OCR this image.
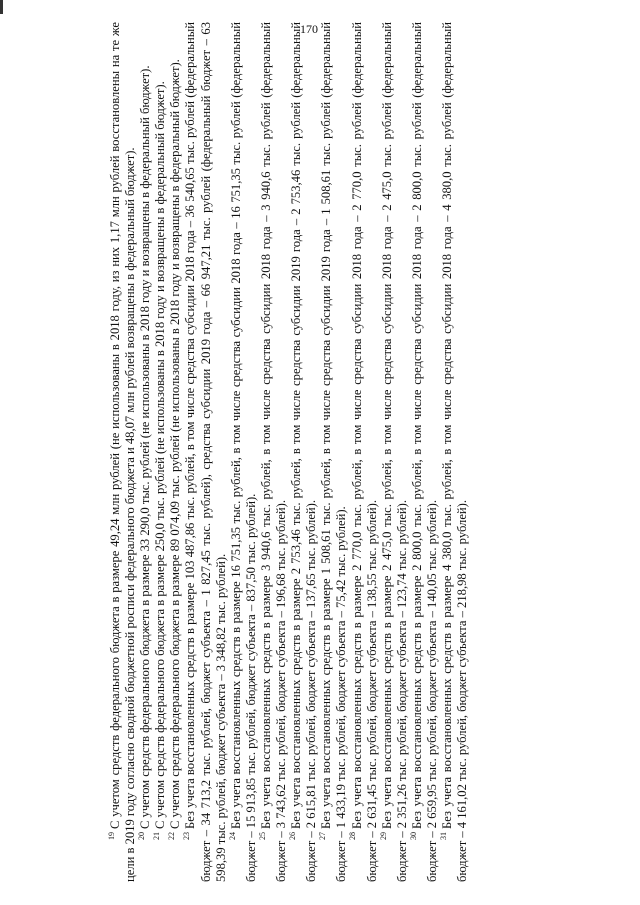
170

$^{19}$С учетом средств федерального бюджета в размере 49,24 млн рублей (не использованы в 2018 году, из них 1,17 млн рублей восстановлены на те же цели в 2019 году согласно сводной бюджетной росписи федерального бюджета и 48,07 млн рублей возвращены в федеральный бюджет). $^{20}$С учетом средств федерального бюджета в размере 33 290,0 тыс. рублей (не использованы в 2018 году и возвращены в федеральный бюджет).

$^{21}$С учетом средств федерального бюджета в размере 250,0 тыс. рублей (не использованы в 2018 году и возвращены в федеральный бюджет).

$^{22}$С учетом средств федерального бюджета в размере 89 074,09 тыс. рублей (не использованы в 2018 году и возвращены в федеральный бюджет).

$^{23}$Без учета восстановленных средств в размере 103 487,86 тыс. рублей, в том числе средства субсидии 2018 года – 36 540,65 тыс. рублей (федеральный бюджет – 34 713,2 тыс. рублей, бюджет субъекта – 1 827,45 тыс. рублей), средства субсидии 2019 года – 66 947,21 тыс. рублей (федеральный бюджет – 63 598,39 тыс. рублей, бюджет субъекта – 3 348,82 тыс. рублей). $^{24}$Без учета восстановленных средств в размере 16 751,35 тыс. рублей, в том числе средства субсидии 2018 года – 16 751,35 тыс. рублей (федеральный бюджет – 15 913,85 тыс. рублей, бюджет субъекта – 837,50 тыс. рублей). $^{25}$Без учета восстановленных средств в размере 3 940,6 тыс. рублей, в том числе средства субсидии 2018 года – 3 940,6 тыс. рублей (федеральный бюджет – 3 743,62 тыс. рублей, бюджет субъекта – 196,68 тыс. рублей). $^{26}$Без учета восстановленных средств в размере 2 753,46 тыс. рублей, в том числе средства субсидии 2019 года – 2 753,46 тыс. рублей (федеральный бюджет – 2 615,81 тыс. рублей, бюджет субъекта – 137,65 тыс. рублей). $^{27}$Без учета восстановленных средств в размере 1 508,61 тыс. рублей, в том числе средства субсидии 2019 года – 1 508,61 тыс. рублей (федеральный бюджет – 1 433,19 тыс. рублей, бюджет субъекта – 75,42 тыс. рублей). $^{28}$Без учета восстановленных средств в размере 2 770,0 тыс. рублей, в том числе средства субсидии 2018 года – 2 770,0 тыс. рублей (федеральный бюджет – 2 631,45 тыс. рублей, бюджет субъекта – 138,55 тыс. рублей). $^{29}$Без учета восстановленных средств в размере 2 475,0 тыс. рублей, в том числе средства субсидии 2018 года – 2 475,0 тыс. рублей (федеральный бюджет – 2 351,26 тыс. рублей, бюджет субъекта – 123,74 тыс. рублей). $^{30}$Без учета восстановленных средств в размере 2 800,0 тыс. рублей, в том числе средства субсидии 2018 года – 2 800,0 тыс. рублей (федеральный бюджет – 2 659,95 тыс. рублей, бюджет субъекта – 140,05 тыс. рублей). $^{31}$Без учета восстановленных средств в размере 4 380,0 тыс. рублей, в том числе средства субсидии 2018 года – 4 380,0 тыс. рублей (федеральный бюджет – 4 161,02 тыс. рублей, бюджет субъекта – 218,98 тыс. рублей).
